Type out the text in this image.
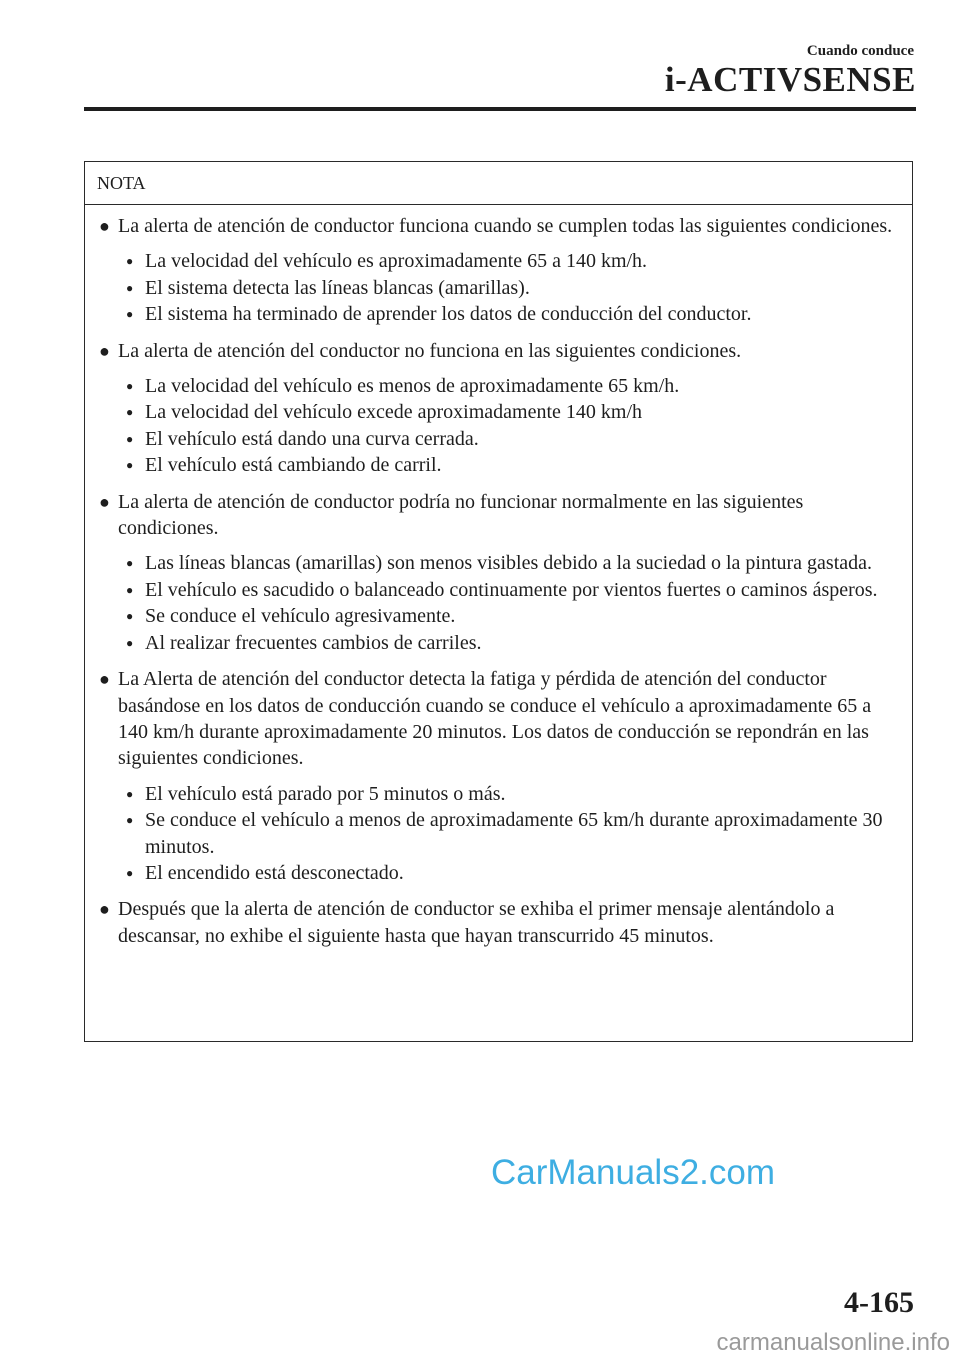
Cuando conduce
i-ACTIVSENSE
NOTA
● La alerta de atención de conductor funciona cuando se cumplen todas las siguientes condiciones.
● La velocidad del vehículo es aproximadamente 65 a 140 km/h.
● El sistema detecta las líneas blancas (amarillas).
● El sistema ha terminado de aprender los datos de conducción del conductor.
● La alerta de atención del conductor no funciona en las siguientes condiciones.
● La velocidad del vehículo es menos de aproximadamente 65 km/h.
● La velocidad del vehículo excede aproximadamente 140 km/h
● El vehículo está dando una curva cerrada.
● El vehículo está cambiando de carril.
● La alerta de atención de conductor podría no funcionar normalmente en las siguientes condiciones.
● Las líneas blancas (amarillas) son menos visibles debido a la suciedad o la pintura gastada.
● El vehículo es sacudido o balanceado continuamente por vientos fuertes o caminos ásperos.
● Se conduce el vehículo agresivamente.
● Al realizar frecuentes cambios de carriles.
● La Alerta de atención del conductor detecta la fatiga y pérdida de atención del conductor basándose en los datos de conducción cuando se conduce el vehículo a aproximadamente 65 a 140 km/h durante aproximadamente 20 minutos. Los datos de conducción se repondrán en las siguientes condiciones.
● El vehículo está parado por 5 minutos o más.
● Se conduce el vehículo a menos de aproximadamente 65 km/h durante aproximadamente 30 minutos.
● El encendido está desconectado.
● Después que la alerta de atención de conductor se exhiba el primer mensaje alentándolo a descansar, no exhibe el siguiente hasta que hayan transcurrido 45 minutos.
CarManuals2.com
4-165
carmanualsonline.info
